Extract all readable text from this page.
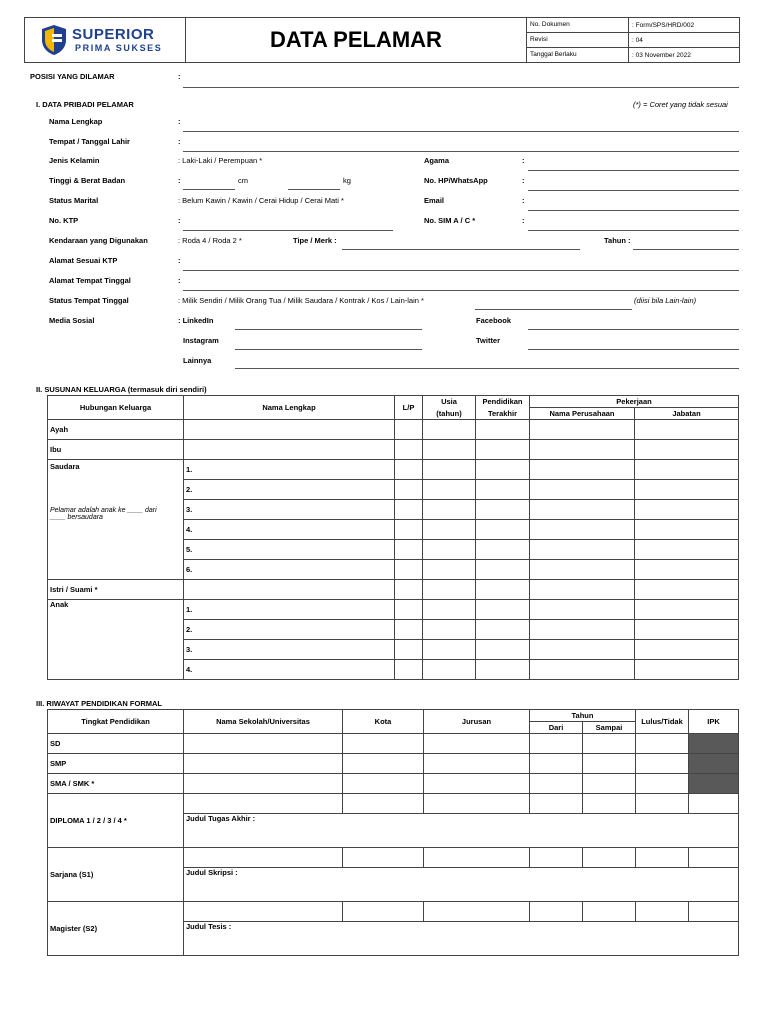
SUPERIOR
PRIMA SUKSES	DATA PELAMAR	
No. Dokumen	: Form/SPS/HRD/002
Revisi	: 04
Tanggal Berlaku	: 03 November 2022
POSISI YANG DILAMAR	:
I. DATA PRIBADI PELAMAR	(*) = Coret yang tidak sesuai
Nama Lengkap	:
Tempat / Tanggal Lahir	:
Jenis Kelamin	: Laki-Laki / Perempuan *	Agama	:
Tinggi & Berat Badan	:	cm	kg	No. HP/WhatsApp	:
Status Marital	: Belum Kawin / Kawin / Cerai Hidup / Cerai Mati *	Email	:
No. KTP	:	No. SIM A / C *	:
Kendaraan yang Digunakan	: Roda 4 / Roda 2 *	Tipe / Merk :	Tahun :
Alamat Sesuai KTP	:
Alamat Tempat Tinggal	:
Status Tempat Tinggal	: Milik Sendiri / Milik Orang Tua / Milik Saudara / Kontrak / Kos / Lain-lain *	(diisi bila Lain-lain)
Media Sosial	: LinkedIn	Facebook
Instagram	Twitter
Lainnya
II. SUSUNAN KELUARGA (termasuk diri sendiri)
Hubungan Keluarga	Nama Lengkap	L/P	Usia	Pendidikan	Pekerjaan	
			(tahun)	Terakhir	Nama Perusahaan	Jabatan
Ayah						
Ibu						

Saudara
Pelamar adalah anak ke ____ dari
____ bersaudara	1.					
	2.					
	3.					
	4.					
	5.					
	6.					
Istri / Suami *						
Anak	1.					
	2.					
	3.					
	4.					
III. RIWAYAT PENDIDIKAN FORMAL
Tingkat Pendidikan	Nama Sekolah/Universitas	Kota	Jurusan	Tahun		Lulus/Tidak	IPK
				Dari	Sampai		
SD							
SMP							
SMA / SMK *							
DIPLOMA 1 / 2 / 3 / 4 *							
	Judul Tugas Akhir :						

Sarjana (S1)							
	Judul Skripsi :						

Magister (S2)							
	Judul Tesis :						
